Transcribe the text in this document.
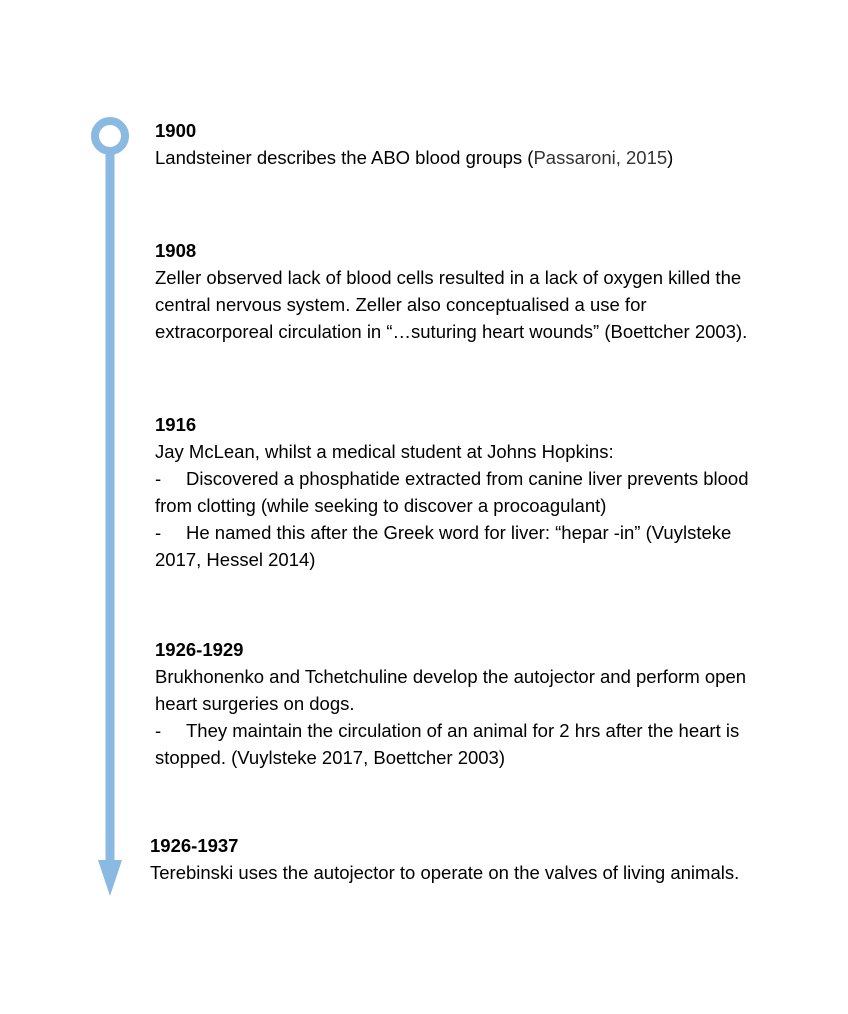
1900
Landsteiner describes the ABO blood groups (Passaroni, 2015)
1908
Zeller observed lack of blood cells resulted in a lack of oxygen killed the
central nervous system. Zeller also conceptualised a use for
extracorporeal circulation in “…suturing heart wounds” (Boettcher 2003).
1916
Jay McLean, whilst a medical student at Johns Hopkins:
- Discovered a phosphatide extracted from canine liver prevents blood
from clotting (while seeking to discover a procoagulant)
- He named this after the Greek word for liver: “hepar -in” (Vuylsteke
2017, Hessel 2014)
1926-1929
Brukhonenko and Tchetchuline develop the autojector and perform open
heart surgeries on dogs.
- They maintain the circulation of an animal for 2 hrs after the heart is
stopped. (Vuylsteke 2017, Boettcher 2003)
1926-1937
Terebinski uses the autojector to operate on the valves of living animals.
